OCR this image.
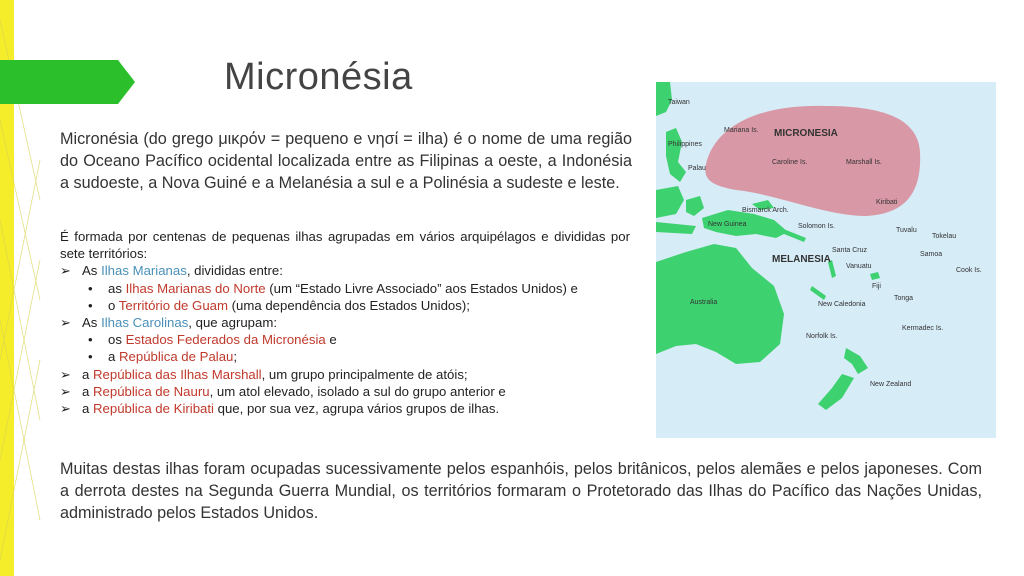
Micronésia
Micronésia (do grego μικρόν = pequeno e νησί = ilha) é o nome de uma região do Oceano Pacífico ocidental localizada entre as Filipinas a oeste, a Indonésia a sudoeste, a Nova Guiné e a Melanésia a sul e a Polinésia a sudeste e leste.

É formada por centenas de pequenas ilhas agrupadas em vários arquipélagos e divididas por sete territórios:

➢ As Ilhas Marianas, divididas entre:
• as Ilhas Marianas do Norte (um “Estado Livre Associado” aos Estados Unidos) e
• o Território de Guam (uma dependência dos Estados Unidos);
➢ As Ilhas Carolinas, que agrupam:
• os Estados Federados da Micronésia e
• a República de Palau;
➢ a República das Ilhas Marshall, um grupo principalmente de atóis;
➢ a República de Nauru, um atol elevado, isolado a sul do grupo anterior e
➢ a República de Kiribati que, por sua vez, agrupa vários grupos de ilhas.
MICRONESIA
MELANESIA
Taiwan
Philippines
Palau
Mariana Is.
Caroline Is.	Marshall Is.
Kiribati
Bismarck Arch.
New Guinea	Solomon Is.
Tuvalu
Tokelau
Santa Cruz
Samoa
Vanuatu
Cook Is.
Fiji
Tonga
Australia	New Caledonia
Kermadec Is.
Norfolk Is.
New Zealand
Muitas destas ilhas foram ocupadas sucessivamente pelos espanhóis, pelos britânicos, pelos alemães e pelos japoneses. Com a derrota destes na Segunda Guerra Mundial, os territórios formaram o Protetorado das Ilhas do Pacífico das Nações Unidas, administrado pelos Estados Unidos.
